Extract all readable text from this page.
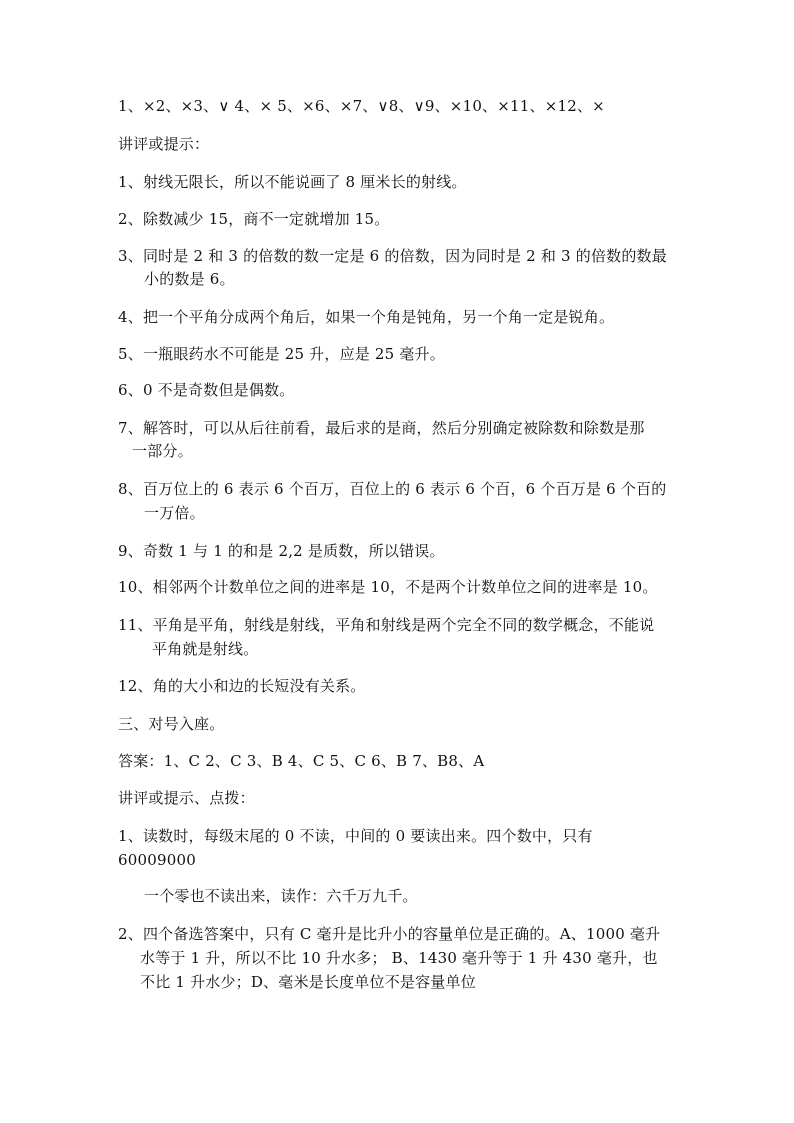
1、×2、×3、∨ 4、× 5、×6、×7、∨8、∨9、×10、×11、×12、×
讲评或提示：
1、射线无限长，所以不能说画了 8 厘米长的射线。
2、除数减少 15，商不一定就增加 15。
3、同时是 2 和 3 的倍数的数一定是 6 的倍数，因为同时是 2 和 3 的倍数的数最
小的数是 6。
4、把一个平角分成两个角后，如果一个角是钝角，另一个角一定是锐角。
5、一瓶眼药水不可能是 25 升，应是 25 毫升。
6、0 不是奇数但是偶数。
7、解答时，可以从后往前看，最后求的是商，然后分别确定被除数和除数是那
一部分。
8、百万位上的 6 表示 6 个百万，百位上的 6 表示 6 个百，6 个百万是 6 个百的
一万倍。
9、奇数 1 与 1 的和是 2,2 是质数，所以错误。
10、相邻两个计数单位之间的进率是 10，不是两个计数单位之间的进率是 10。
11、平角是平角，射线是射线，平角和射线是两个完全不同的数学概念，不能说
平角就是射线。
12、角的大小和边的长短没有关系。
三、对号入座。
答案：1、C 2、C 3、B 4、C 5、C 6、B 7、B8、A
讲评或提示、点拨：
1、读数时，每级末尾的 0 不读，中间的 0 要读出来。四个数中，只有
60009000
一个零也不读出来，读作：六千万九千。
2、四个备选答案中，只有 C 毫升是比升小的容量单位是正确的。A、1000 毫升
水等于 1 升，所以不比 10 升水多； B、1430 毫升等于 1 升 430 毫升，也
不比 1 升水少；D、毫米是长度单位不是容量单位
